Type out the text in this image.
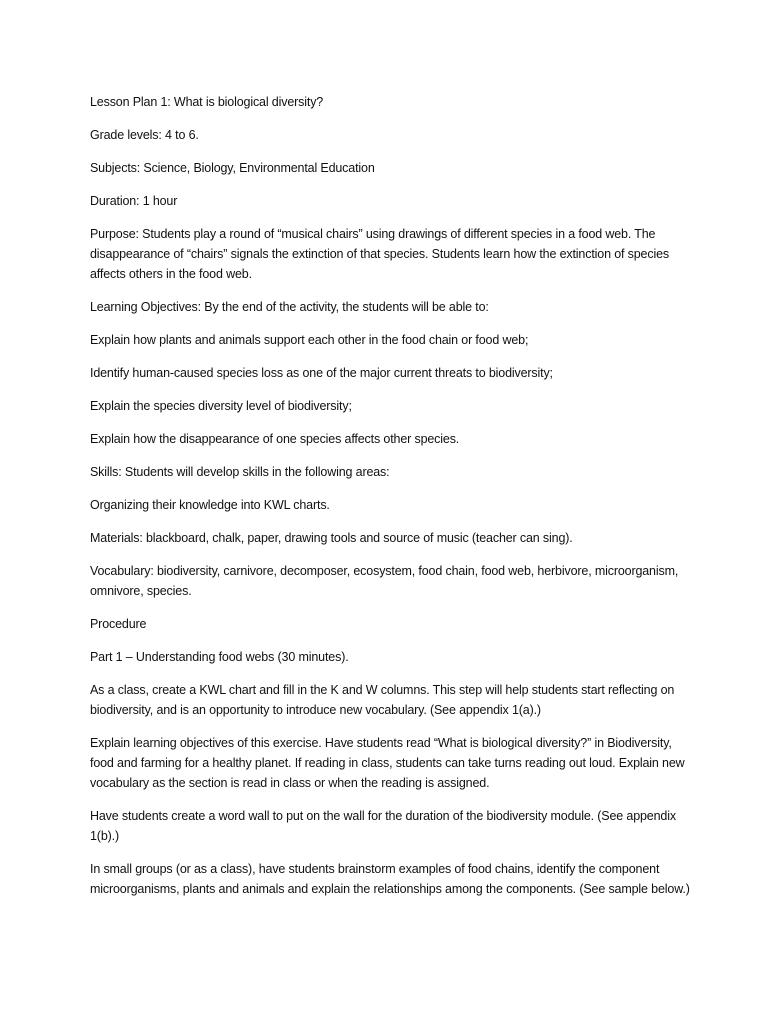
Lesson Plan 1: What is biological diversity?

Grade levels: 4 to 6.

Subjects: Science, Biology, Environmental Education

Duration: 1 hour

Purpose: Students play a round of “musical chairs” using drawings of different species in a food web. The disappearance of “chairs” signals the extinction of that species. Students learn how the extinction of species affects others in the food web.

Learning Objectives: By the end of the activity, the students will be able to:

Explain how plants and animals support each other in the food chain or food web;

Identify human-caused species loss as one of the major current threats to biodiversity;

Explain the species diversity level of biodiversity;

Explain how the disappearance of one species affects other species.

Skills: Students will develop skills in the following areas:

Organizing their knowledge into KWL charts.

Materials: blackboard, chalk, paper, drawing tools and source of music (teacher can sing).

Vocabulary: biodiversity, carnivore, decomposer, ecosystem, food chain, food web, herbivore, microorganism, omnivore, species.

Procedure

Part 1 – Understanding food webs (30 minutes).

As a class, create a KWL chart and fill in the K and W columns. This step will help students start reflecting on biodiversity, and is an opportunity to introduce new vocabulary. (See appendix 1(a).)

Explain learning objectives of this exercise. Have students read “What is biological diversity?” in Biodiversity, food and farming for a healthy planet. If reading in class, students can take turns reading out loud. Explain new vocabulary as the section is read in class or when the reading is assigned.

Have students create a word wall to put on the wall for the duration of the biodiversity module. (See appendix 1(b).)

In small groups (or as a class), have students brainstorm examples of food chains, identify the component microorganisms, plants and animals and explain the relationships among the components. (See sample below.)
